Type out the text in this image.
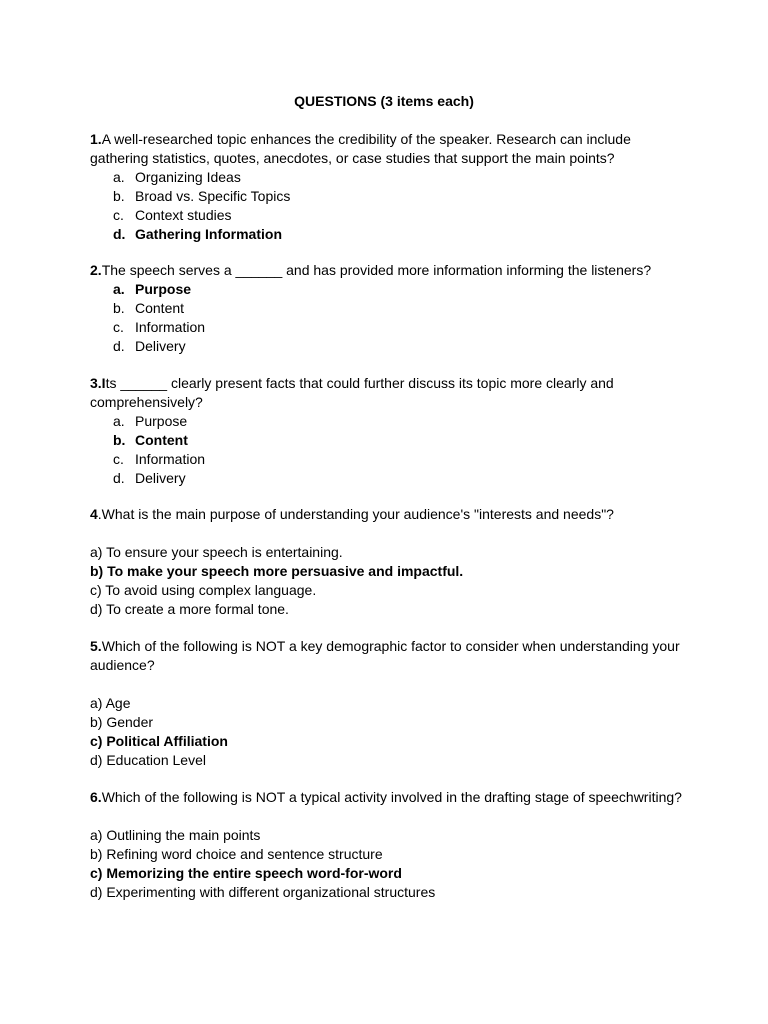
QUESTIONS (3 items each)
1.A well-researched topic enhances the credibility of the speaker. Research can include gathering statistics, quotes, anecdotes, or case studies that support the main points?
a. Organizing Ideas
b. Broad vs. Specific Topics
c. Context studies
d. Gathering Information
2.The speech serves a ______ and has provided more information informing the listeners?
a. Purpose
b. Content
c. Information
d. Delivery
3.Its ______ clearly present facts that could further discuss its topic more clearly and comprehensively?
a. Purpose
b. Content
c. Information
d. Delivery
4.What is the main purpose of understanding your audience's "interests and needs"?
a) To ensure your speech is entertaining.
b) To make your speech more persuasive and impactful.
c) To avoid using complex language.
d) To create a more formal tone.
5.Which of the following is NOT a key demographic factor to consider when understanding your audience?
a) Age
b) Gender
c) Political Affiliation
d) Education Level
6.Which of the following is NOT a typical activity involved in the drafting stage of speechwriting?
a) Outlining the main points
b) Refining word choice and sentence structure
c) Memorizing the entire speech word-for-word
d) Experimenting with different organizational structures
